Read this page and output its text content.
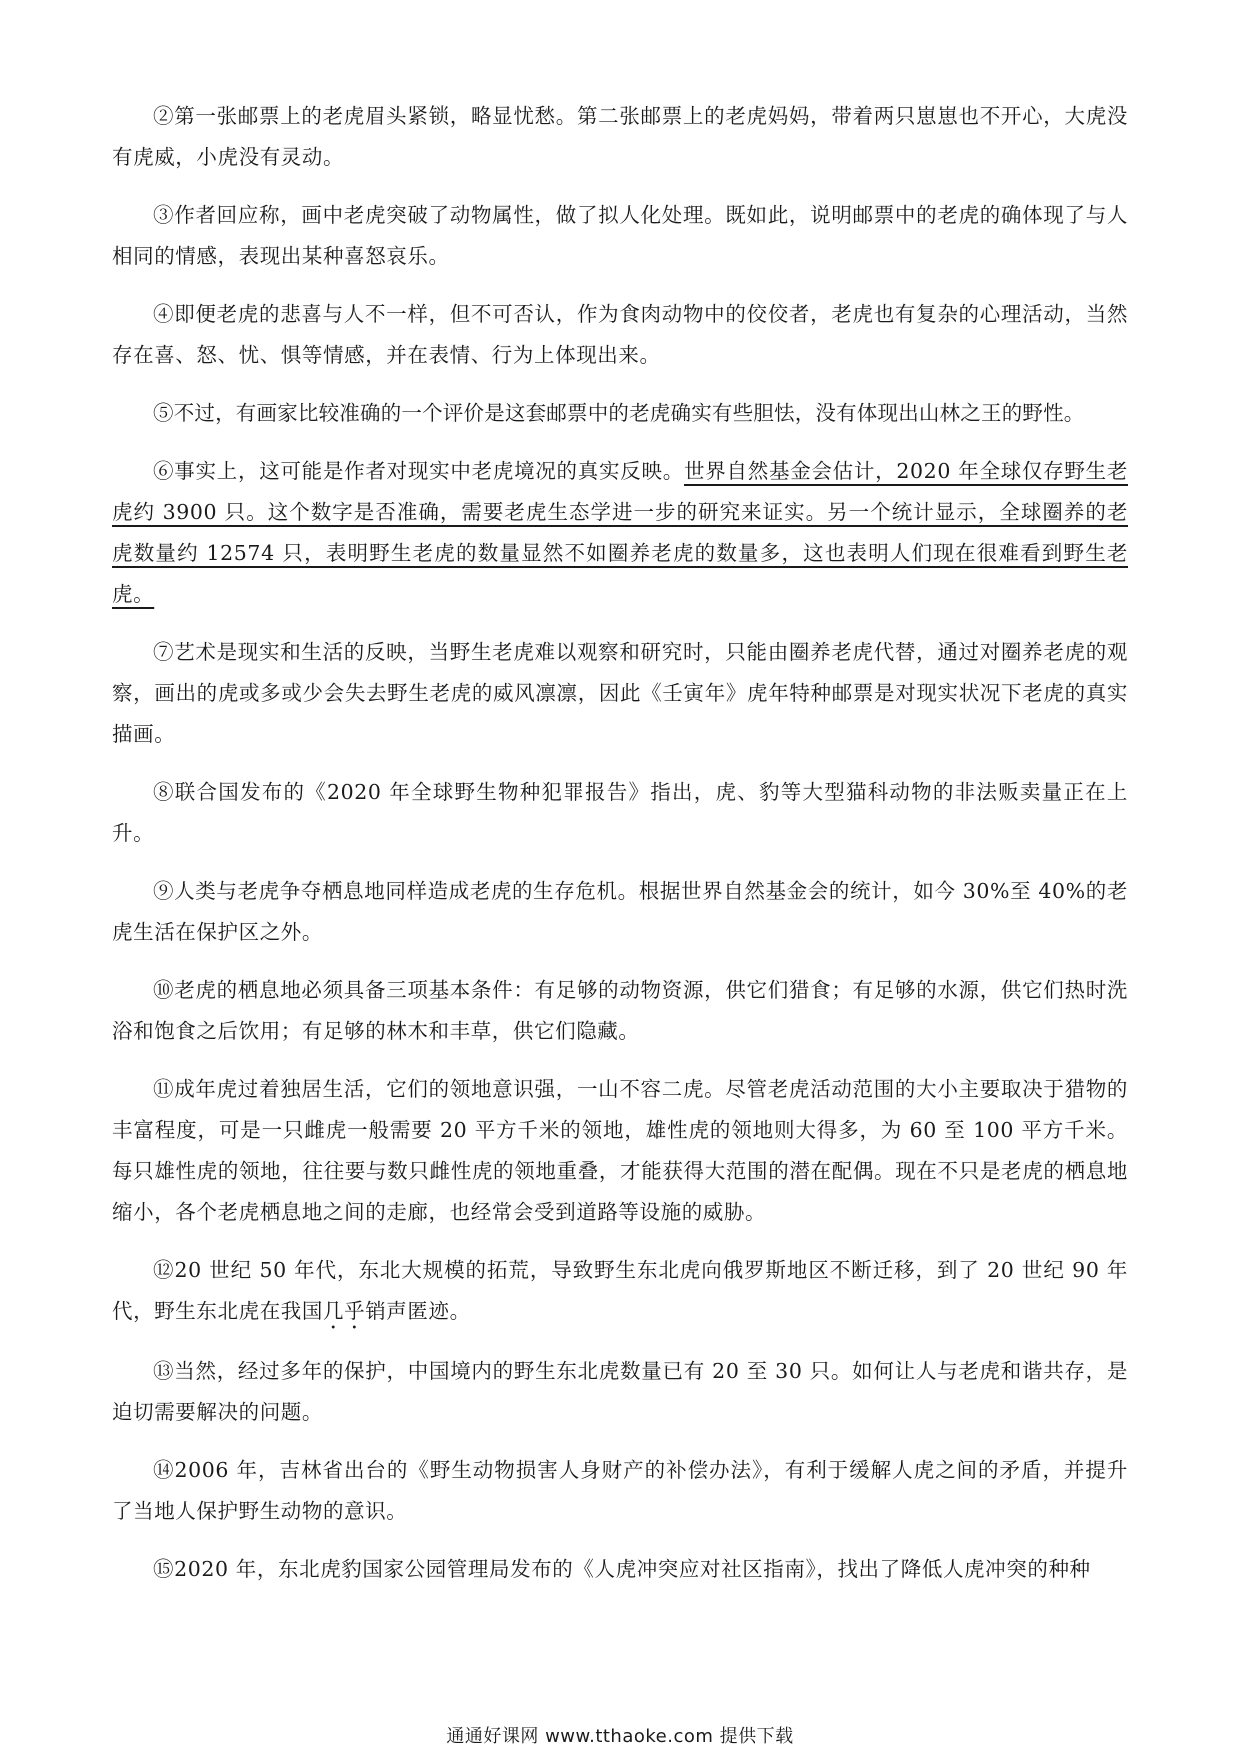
②第一张邮票上的老虎眉头紧锁，略显忧愁。第二张邮票上的老虎妈妈，带着两只崽崽也不开心，大虎没有虎威，小虎没有灵动。

③作者回应称，画中老虎突破了动物属性，做了拟人化处理。既如此，说明邮票中的老虎的确体现了与人相同的情感，表现出某种喜怒哀乐。

④即便老虎的悲喜与人不一样，但不可否认，作为食肉动物中的佼佼者，老虎也有复杂的心理活动，当然存在喜、怒、忧、惧等情感，并在表情、行为上体现出来。

⑤不过，有画家比较准确的一个评价是这套邮票中的老虎确实有些胆怯，没有体现出山林之王的野性。

⑥事实上，这可能是作者对现实中老虎境况的真实反映。世界自然基金会估计，2020 年全球仅存野生老虎约 3900 只。这个数字是否准确，需要老虎生态学进一步的研究来证实。另一个统计显示，全球圈养的老虎数量约 12574 只，表明野生老虎的数量显然不如圈养老虎的数量多，这也表明人们现在很难看到野生老虎。

⑦艺术是现实和生活的反映，当野生老虎难以观察和研究时，只能由圈养老虎代替，通过对圈养老虎的观察，画出的虎或多或少会失去野生老虎的威风凛凛，因此《壬寅年》虎年特种邮票是对现实状况下老虎的真实描画。

⑧联合国发布的《2020 年全球野生物种犯罪报告》指出，虎、豹等大型猫科动物的非法贩卖量正在上升。

⑨人类与老虎争夺栖息地同样造成老虎的生存危机。根据世界自然基金会的统计，如今 30%至 40%的老虎生活在保护区之外。

⑩老虎的栖息地必须具备三项基本条件：有足够的动物资源，供它们猎食；有足够的水源，供它们热时洗浴和饱食之后饮用；有足够的林木和丰草，供它们隐藏。

⑪成年虎过着独居生活，它们的领地意识强，一山不容二虎。尽管老虎活动范围的大小主要取决于猎物的丰富程度，可是一只雌虎一般需要 20 平方千米的领地，雄性虎的领地则大得多，为 60 至 100 平方千米。每只雄性虎的领地，往往要与数只雌性虎的领地重叠，才能获得大范围的潜在配偶。现在不只是老虎的栖息地缩小，各个老虎栖息地之间的走廊，也经常会受到道路等设施的威胁。

⑫20 世纪 50 年代，东北大规模的拓荒，导致野生东北虎向俄罗斯地区不断迁移，到了 20 世纪 90 年代，野生东北虎在我国几乎销声匿迹。

⑬当然，经过多年的保护，中国境内的野生东北虎数量已有 20 至 30 只。如何让人与老虎和谐共存，是迫切需要解决的问题。

⑭2006 年，吉林省出台的《野生动物损害人身财产的补偿办法》，有利于缓解人虎之间的矛盾，并提升了当地人保护野生动物的意识。

⑮2020 年，东北虎豹国家公园管理局发布的《人虎冲突应对社区指南》，找出了降低人虎冲突的种种

通通好课网 www.tthaoke.com 提供下载
